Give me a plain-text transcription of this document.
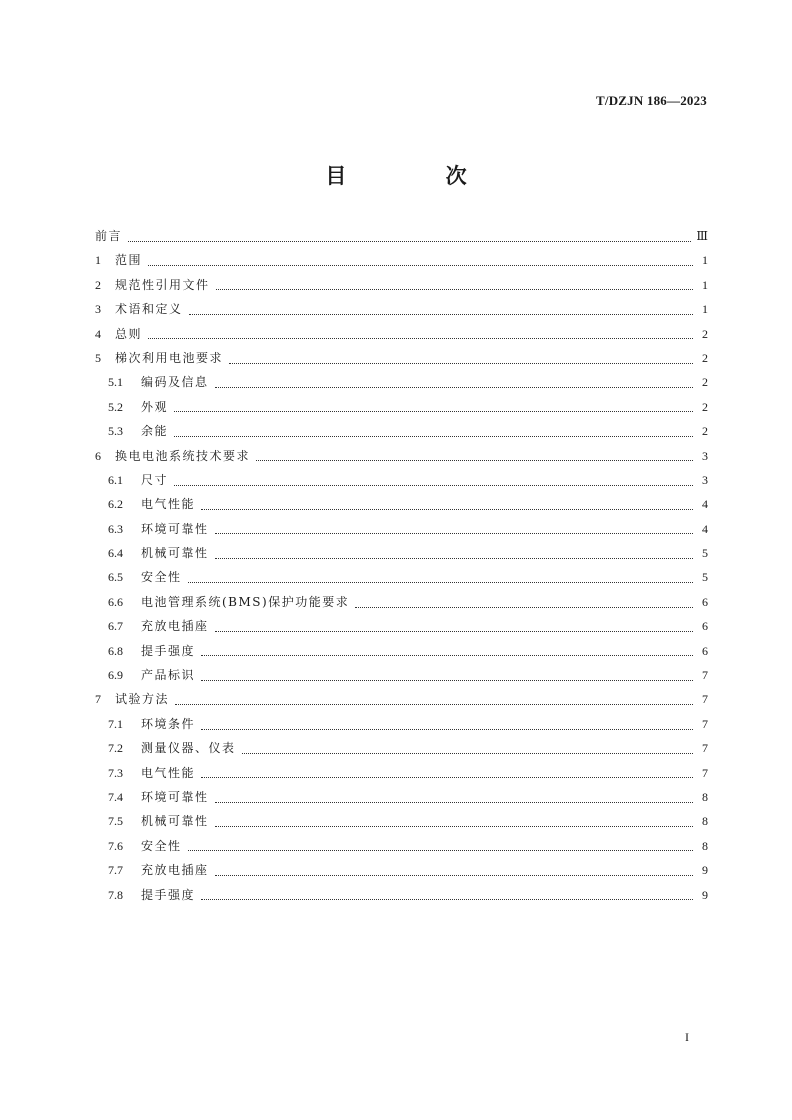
T/DZJN 186—2023
目 次
前言	Ⅲ
1	范围	1
2	规范性引用文件	1
3	术语和定义	1
4	总则	2
5	梯次利用电池要求	2
5.1	编码及信息	2
5.2	外观	2
5.3	余能	2
6	换电电池系统技术要求	3
6.1	尺寸	3
6.2	电气性能	4
6.3	环境可靠性	4
6.4	机械可靠性	5
6.5	安全性	5
6.6	电池管理系统(BMS)保护功能要求	6
6.7	充放电插座	6
6.8	提手强度	6
6.9	产品标识	7
7	试验方法	7
7.1	环境条件	7
7.2	测量仪器、仪表	7
7.3	电气性能	7
7.4	环境可靠性	8
7.5	机械可靠性	8
7.6	安全性	8
7.7	充放电插座	9
7.8	提手强度	9
I
